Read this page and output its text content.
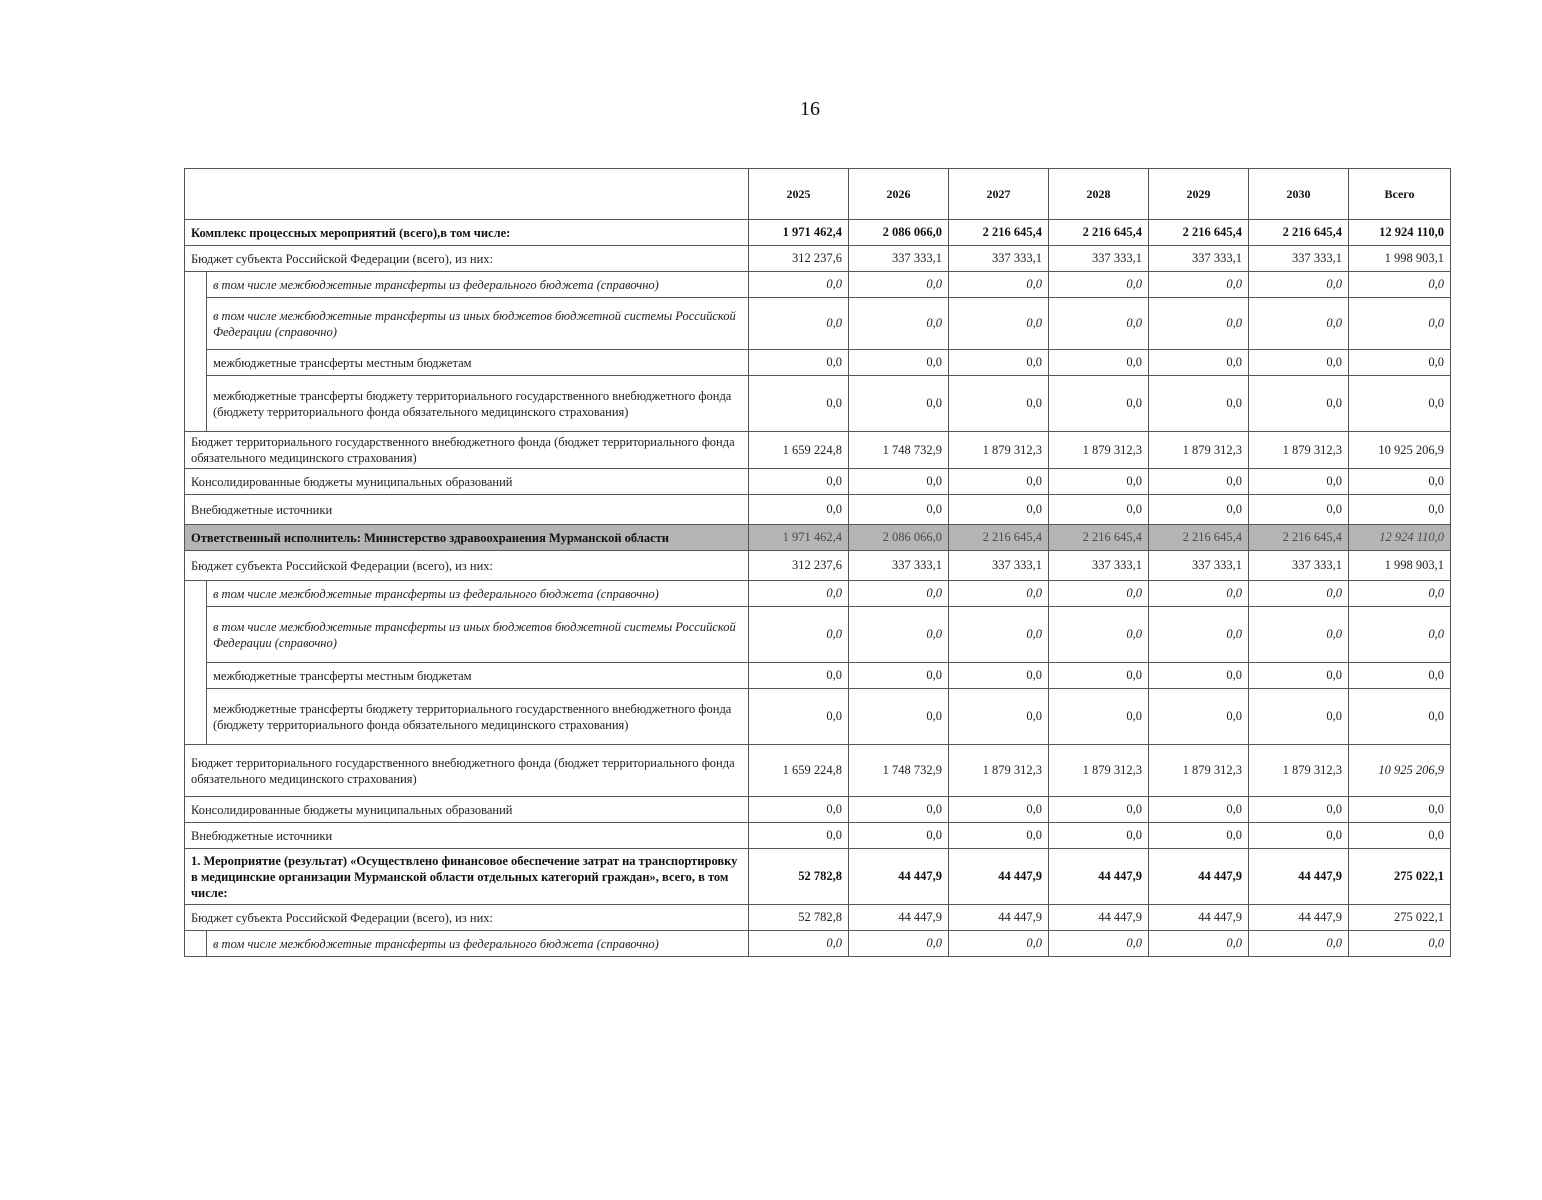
16
		2025	2026	2027	2028	2029	2030	Всего
Комплекс процессных мероприятий (всего),в том числе:		1 971 462,4	2 086 066,0	2 216 645,4	2 216 645,4	2 216 645,4	2 216 645,4	12 924 110,0
Бюджет субъекта Российской Федерации (всего), из них:		312 237,6	337 333,1	337 333,1	337 333,1	337 333,1	337 333,1	1 998 903,1
	в том числе межбюджетные трансферты из федерального бюджета (справочно)	0,0	0,0	0,0	0,0	0,0	0,0	0,0
	в том числе межбюджетные трансферты из иных бюджетов бюджетной системы Российской Федерации (справочно)	0,0	0,0	0,0	0,0	0,0	0,0	0,0
	межбюджетные трансферты местным бюджетам	0,0	0,0	0,0	0,0	0,0	0,0	0,0
	межбюджетные трансферты бюджету территориального государственного внебюджетного фонда (бюджету территориального фонда обязательного медицинского страхования)	0,0	0,0	0,0	0,0	0,0	0,0	0,0
Бюджет территориального государственного внебюджетного фонда (бюджет территориального фонда обязательного медицинского страхования)		1 659 224,8	1 748 732,9	1 879 312,3	1 879 312,3	1 879 312,3	1 879 312,3	10 925 206,9
Консолидированные бюджеты муниципальных образований		0,0	0,0	0,0	0,0	0,0	0,0	0,0
Внебюджетные источники		0,0	0,0	0,0	0,0	0,0	0,0	0,0
Ответственный исполнитель: Министерство здравоохранения Мурманской области		1 971 462,4	2 086 066,0	2 216 645,4	2 216 645,4	2 216 645,4	2 216 645,4	12 924 110,0
Бюджет субъекта Российской Федерации (всего), из них:		312 237,6	337 333,1	337 333,1	337 333,1	337 333,1	337 333,1	1 998 903,1
	в том числе межбюджетные трансферты из федерального бюджета (справочно)	0,0	0,0	0,0	0,0	0,0	0,0	0,0
	в том числе межбюджетные трансферты из иных бюджетов бюджетной системы Российской Федерации (справочно)	0,0	0,0	0,0	0,0	0,0	0,0	0,0
	межбюджетные трансферты местным бюджетам	0,0	0,0	0,0	0,0	0,0	0,0	0,0
	межбюджетные трансферты бюджету территориального государственного внебюджетного фонда (бюджету территориального фонда обязательного медицинского страхования)	0,0	0,0	0,0	0,0	0,0	0,0	0,0
Бюджет территориального государственного внебюджетного фонда (бюджет территориального фонда обязательного медицинского страхования)		1 659 224,8	1 748 732,9	1 879 312,3	1 879 312,3	1 879 312,3	1 879 312,3	10 925 206,9
Консолидированные бюджеты муниципальных образований		0,0	0,0	0,0	0,0	0,0	0,0	0,0
Внебюджетные источники		0,0	0,0	0,0	0,0	0,0	0,0	0,0
1. Мероприятие (результат) «Осуществлено финансовое обеспечение затрат на транспортировку в медицинские организации Мурманской области отдельных категорий граждан», всего, в том числе:		52 782,8	44 447,9	44 447,9	44 447,9	44 447,9	44 447,9	275 022,1
Бюджет субъекта Российской Федерации (всего), из них:		52 782,8	44 447,9	44 447,9	44 447,9	44 447,9	44 447,9	275 022,1
	в том числе межбюджетные трансферты из федерального бюджета (справочно)	0,0	0,0	0,0	0,0	0,0	0,0	0,0
